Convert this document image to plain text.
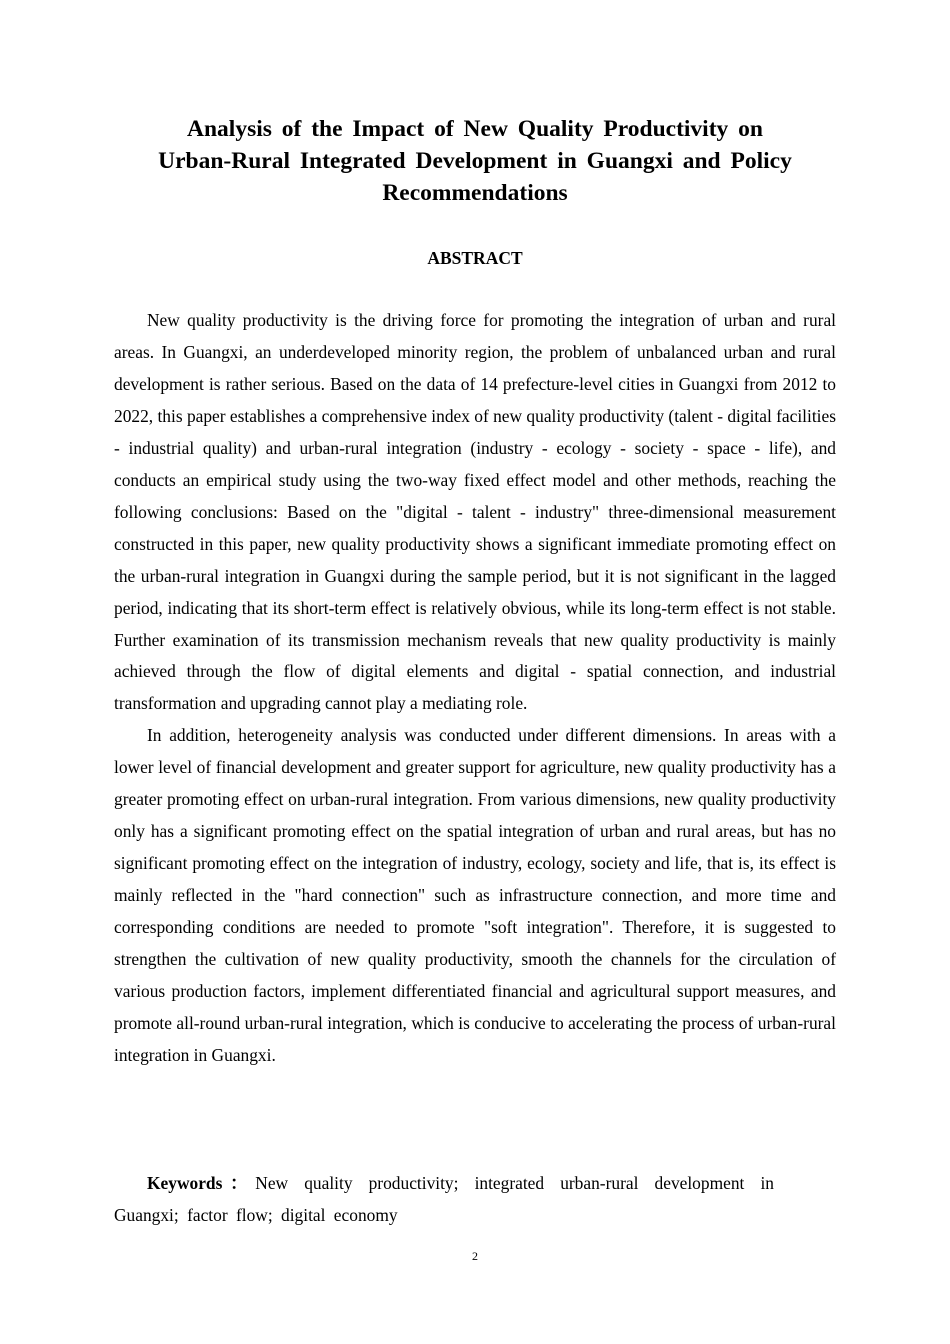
Analysis of the Impact of New Quality Productivity on
Urban-Rural Integrated Development in Guangxi and Policy
Recommendations
ABSTRACT

New quality productivity is the driving force for promoting the integration of urban and rural areas. In Guangxi, an underdeveloped minority region, the problem of unbalanced urban and rural development is rather serious. Based on the data of 14 prefecture-level cities in Guangxi from 2012 to 2022, this paper establishes a comprehensive index of new quality productivity (talent - digital facilities - industrial quality) and urban-rural integration (industry - ecology - society - space - life), and conducts an empirical study using the two-way fixed effect model and other methods, reaching the following conclusions: Based on the "digital - talent - industry" three-dimensional measurement constructed in this paper, new quality productivity shows a significant immediate promoting effect on the urban-rural integration in Guangxi during the sample period, but it is not significant in the lagged period, indicating that its short-term effect is relatively obvious, while its long-term effect is not stable. Further examination of its transmission mechanism reveals that new quality productivity is mainly achieved through the flow of digital elements and digital - spatial connection, and industrial transformation and upgrading cannot play a mediating role.

In addition, heterogeneity analysis was conducted under different dimensions. In areas with a lower level of financial development and greater support for agriculture, new quality productivity has a greater promoting effect on urban-rural integration. From various dimensions, new quality productivity only has a significant promoting effect on the spatial integration of urban and rural areas, but has no significant promoting effect on the integration of industry, ecology, society and life, that is, its effect is mainly reflected in the "hard connection" such as infrastructure connection, and more time and corresponding conditions are needed to promote "soft integration". Therefore, it is suggested to strengthen the cultivation of new quality productivity, smooth the channels for the circulation of various production factors, implement differentiated financial and agricultural support measures, and promote all-round urban-rural integration, which is conducive to accelerating the process of urban-rural integration in Guangxi.

Keywords：New quality productivity; integrated urban-rural development in Guangxi; factor flow; digital economy

2
